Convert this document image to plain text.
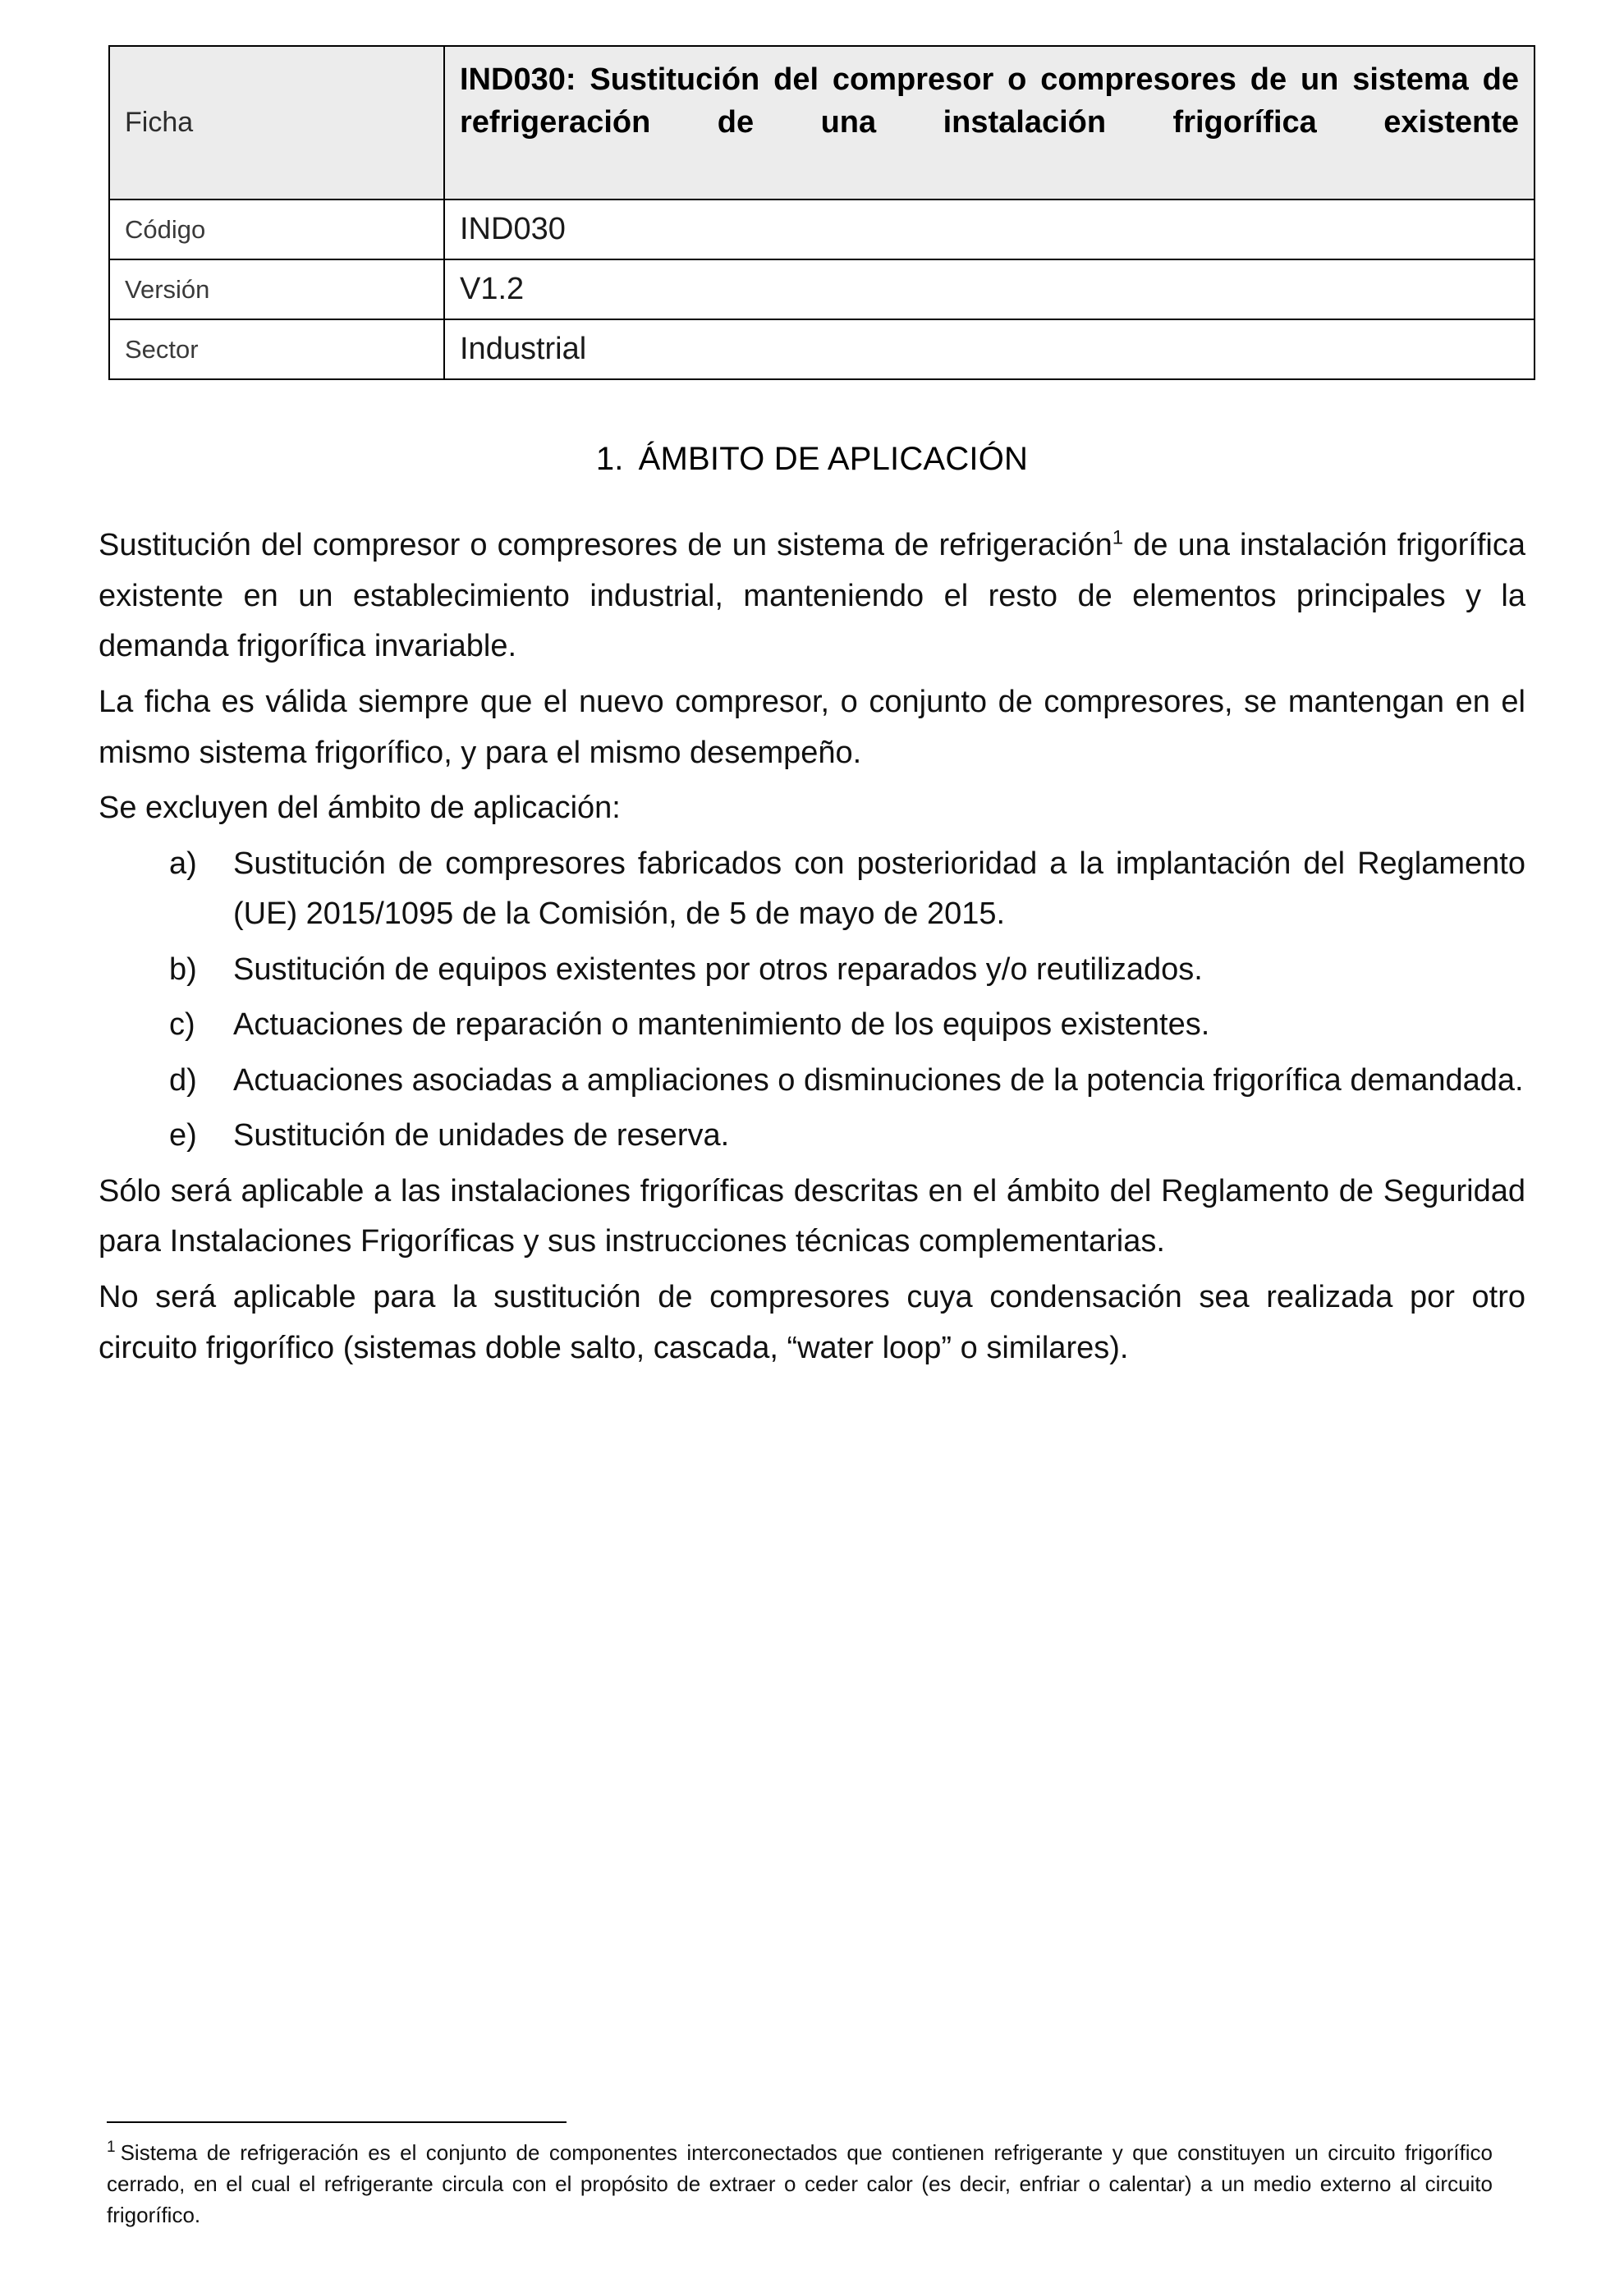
Ficha	IND030: Sustitución del compresor o compresores de un sistema de refrigeración de una instalación frigorífica existente
Código	IND030
Versión	V1.2
Sector	Industrial
1. ÁMBITO DE APLICACIÓN

Sustitución del compresor o compresores de un sistema de refrigeración$^1$ de una instalación frigorífica existente en un establecimiento industrial, manteniendo el resto de elementos principales y la demanda frigorífica invariable.

La ficha es válida siempre que el nuevo compresor, o conjunto de compresores, se mantengan en el mismo sistema frigorífico, y para el mismo desempeño.

Se excluyen del ámbito de aplicación:

a)	Sustitución de compresores fabricados con posterioridad a la implantación del Reglamento (UE) 2015/1095 de la Comisión, de 5 de mayo de 2015.
b)	Sustitución de equipos existentes por otros reparados y/o reutilizados.
c)	Actuaciones de reparación o mantenimiento de los equipos existentes.
d)	Actuaciones asociadas a ampliaciones o disminuciones de la potencia frigorífica demandada.
e)	Sustitución de unidades de reserva.

Sólo será aplicable a las instalaciones frigoríficas descritas en el ámbito del Reglamento de Seguridad para Instalaciones Frigoríficas y sus instrucciones técnicas complementarias.

No será aplicable para la sustitución de compresores cuya condensación sea realizada por otro circuito frigorífico (sistemas doble salto, cascada, “water loop” o similares).

$^1$ Sistema de refrigeración es el conjunto de componentes interconectados que contienen refrigerante y que constituyen un circuito frigorífico cerrado, en el cual el refrigerante circula con el propósito de extraer o ceder calor (es decir, enfriar o calentar) a un medio externo al circuito frigorífico.
